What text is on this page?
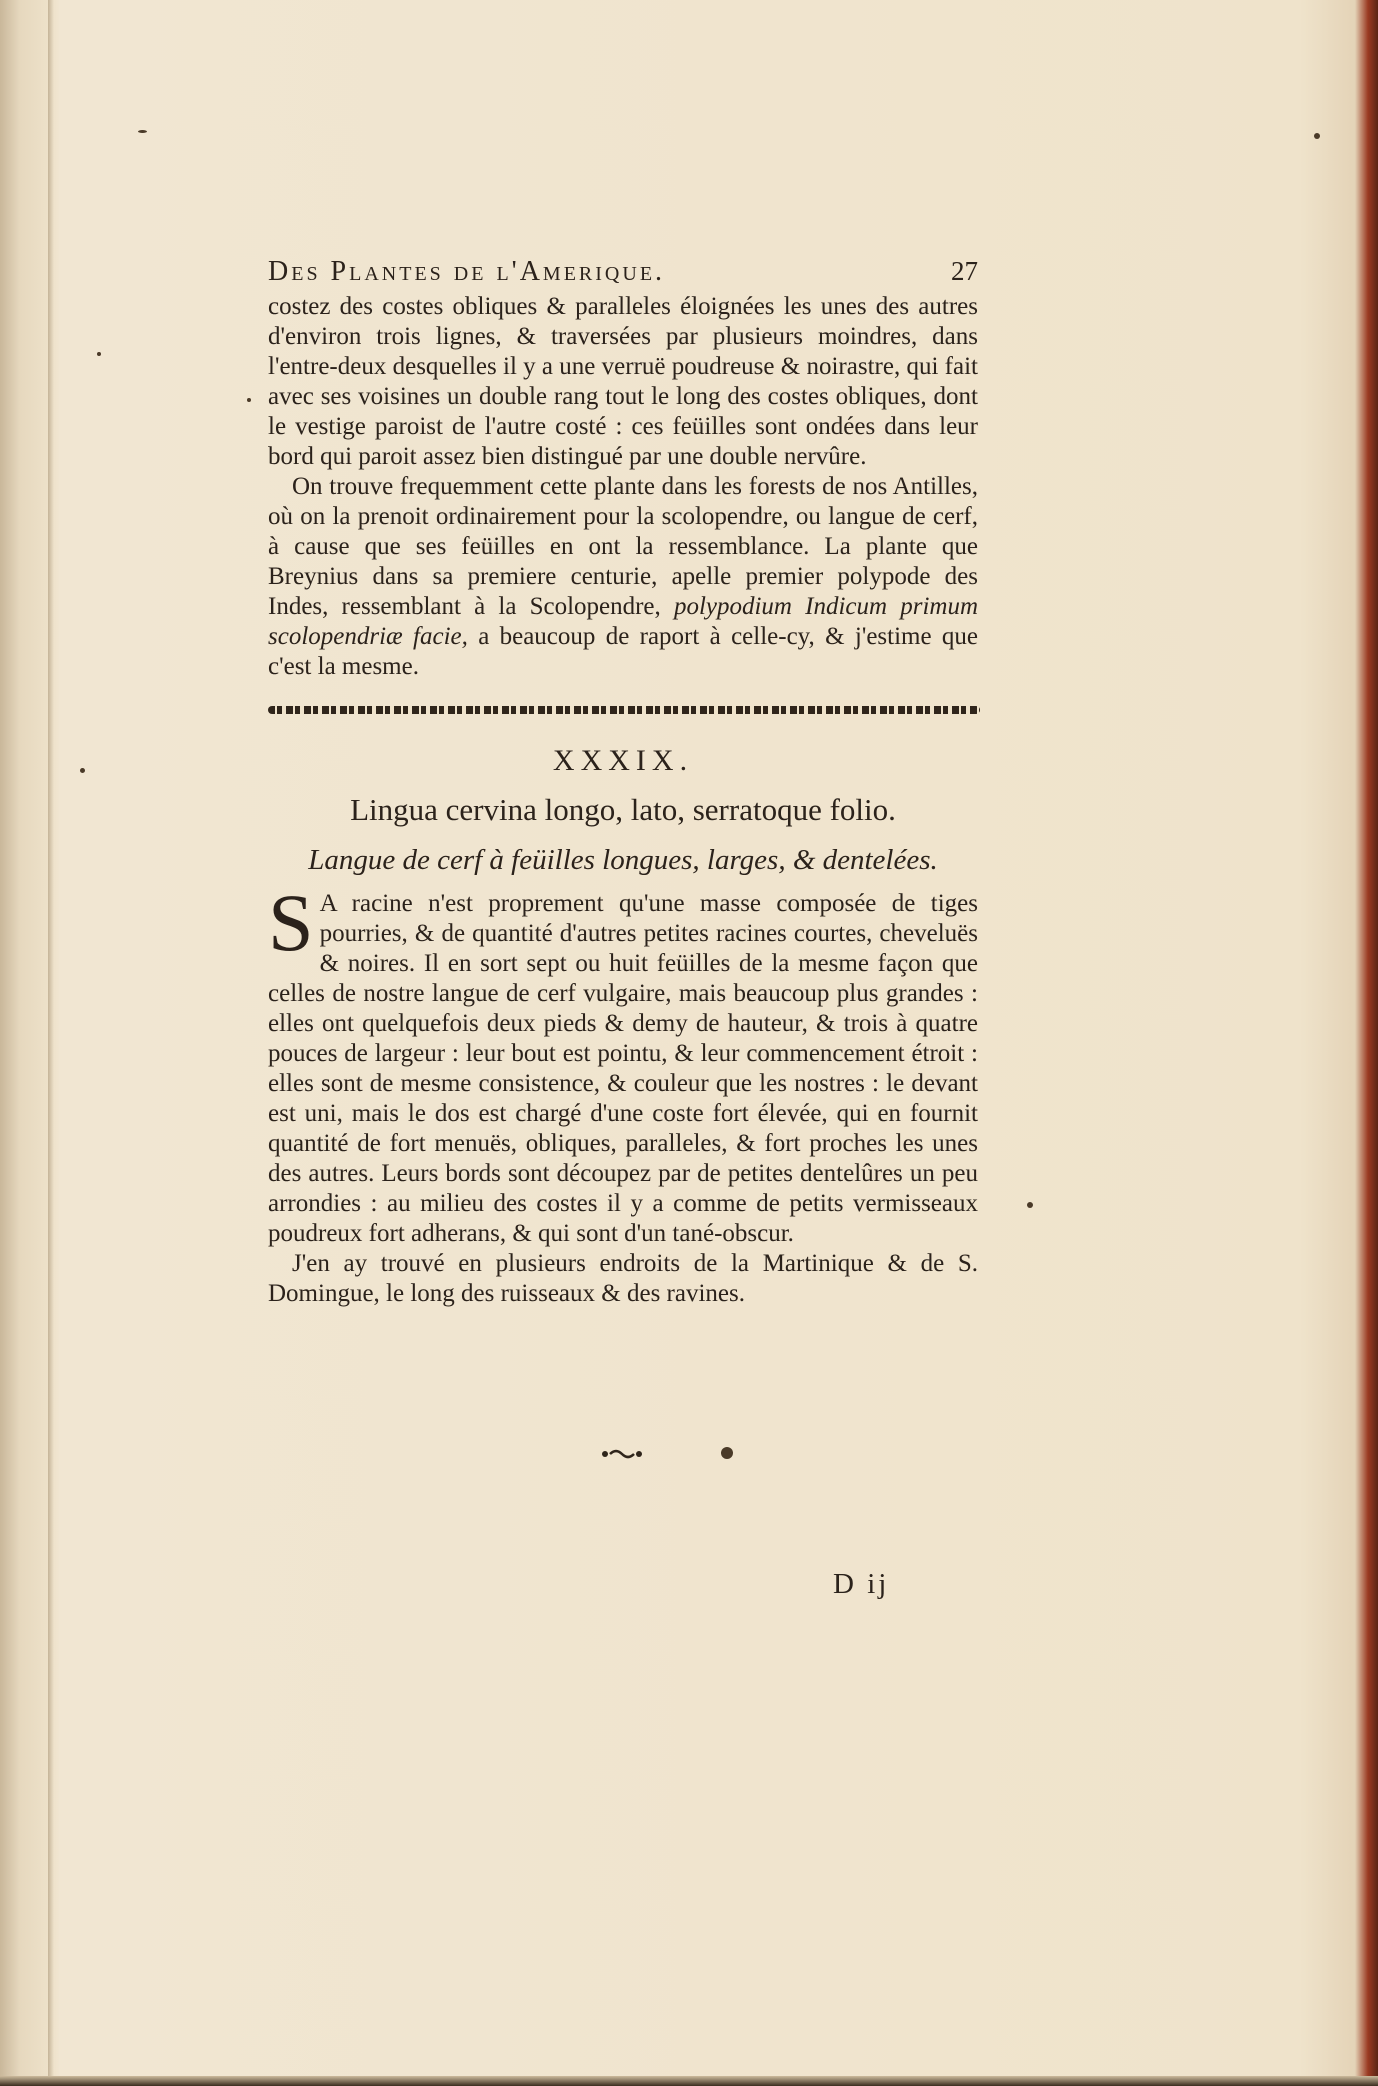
Des Plantes de l'Amerique.	27

costez des costes obliques & paralleles éloignées les unes des autres d'environ trois lignes, & traversées par plusieurs moindres, dans l'entre-deux desquelles il y a une verruë poudreuse & noirastre, qui fait avec ses voisines un double rang tout le long des costes obliques, dont le vestige paroist de l'autre costé : ces feüilles sont ondées dans leur bord qui paroit assez bien distingué par une double nervûre.

On trouve frequemment cette plante dans les forests de nos Antilles, où on la prenoit ordinairement pour la scolopendre, ou langue de cerf, à cause que ses feüilles en ont la ressemblance. La plante que Breynius dans sa premiere centurie, apelle premier polypode des Indes, ressemblant à la Scolopendre, polypodium Indicum primum scolopendriæ facie, a beaucoup de raport à celle-cy, & j'estime que c'est la mesme.

XXXIX.
Lingua cervina longo, lato, serratoque folio.
Langue de cerf à feüilles longues, larges, & dentelées.

S A racine n'est proprement qu'une masse composée de tiges pourries, & de quantité d'autres petites racines courtes, cheveluës & noires. Il en sort sept ou huit feüilles de la mesme façon que celles de nostre langue de cerf vulgaire, mais beaucoup plus grandes : elles ont quelquefois deux pieds & demy de hauteur, & trois à quatre pouces de largeur : leur bout est pointu, & leur commencement étroit : elles sont de mesme consistence, & couleur que les nostres : le devant est uni, mais le dos est chargé d'une coste fort élevée, qui en fournit quantité de fort menuës, obliques, paralleles, & fort proches les unes des autres. Leurs bords sont découpez par de petites dentelûres un peu arrondies : au milieu des costes il y a comme de petits vermisseaux poudreux fort adherans, & qui sont d'un tané-obscur.

J'en ay trouvé en plusieurs endroits de la Martinique & de S. Domingue, le long des ruisseaux & des ravines.

D ij
